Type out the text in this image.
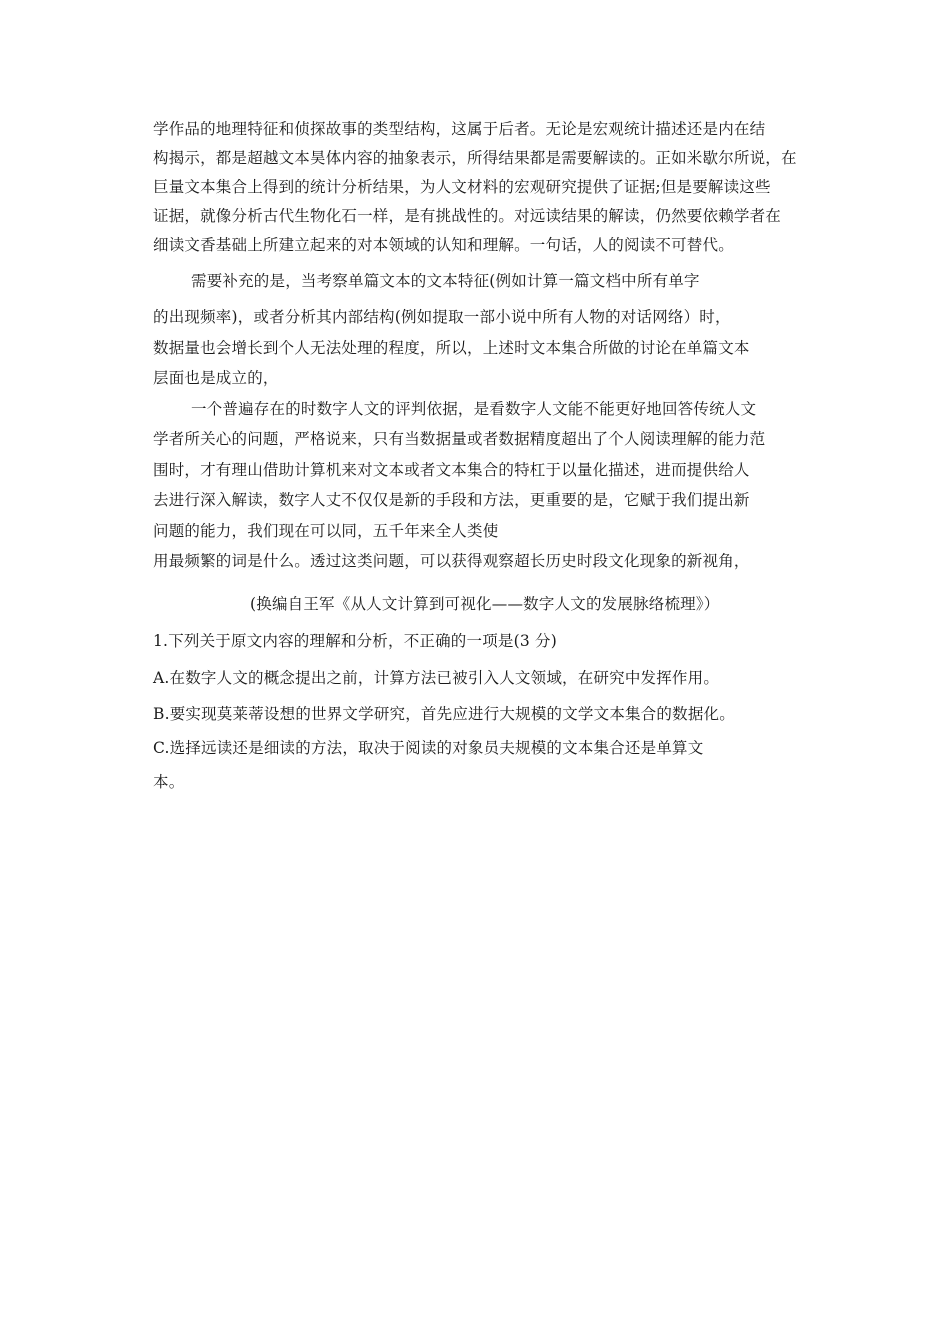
学作品的地理特征和侦探故事的类型结构，这属于后者。无论是宏观统计描述还是内在结
构揭示，都是超越文本昊体内容的抽象表示，所得结果都是需要解读的。正如米歇尔所说，在
巨量文本集合上得到的统计分析结果，为人文材料的宏观研究提供了证据;但是要解读这些
证据，就像分析古代生物化石一样，是有挑战性的。对远读结果的解读，仍然要依赖学者在
细读文香基础上所建立起来的对本领域的认知和理解。一句话，人的阅读不可替代。
需要补充的是，当考察单篇文本的文本特征(例如计算一篇文档中所有单字
的出现频率)，或者分析其内部结构(例如提取一部小说中所有人物的对话网络）时，
数据量也会增长到个人无法处理的程度，所以，上述时文本集合所做的讨论在单篇文本
层面也是成立的，
一个普遍存在的时数字人文的评判依据，是看数字人文能不能更好地回答传统人文
学者所关心的问题，严格说来，只有当数据量或者数据精度超出了个人阅读理解的能力范
围时，才有理山借助计算机来对文本或者文本集合的特杠于以量化描述，进而提供给人
去进行深入解读，数字人丈不仅仅是新的手段和方法，更重要的是，它赋于我们提出新
问题的能力，我们现在可以同，五千年来全人类使
用最频繁的词是什么。透过这类问题，可以获得观察超长历史时段文化现象的新视角，
(换编自王军《从人文计算到可视化——数字人文的发展脉络梳理》）
1.下列关于原文内容的理解和分析，不正确的一项是(3 分)
A.在数字人文的概念提出之前，计算方法已被引入人文领域，在研究中发挥作用。
B.要实现莫莱蒂设想的世界文学研究，首先应进行大规模的文学文本集合的数据化。
C.选择远读还是细读的方法，取决于阅读的对象员夫规模的文本集合还是单算文
本。
